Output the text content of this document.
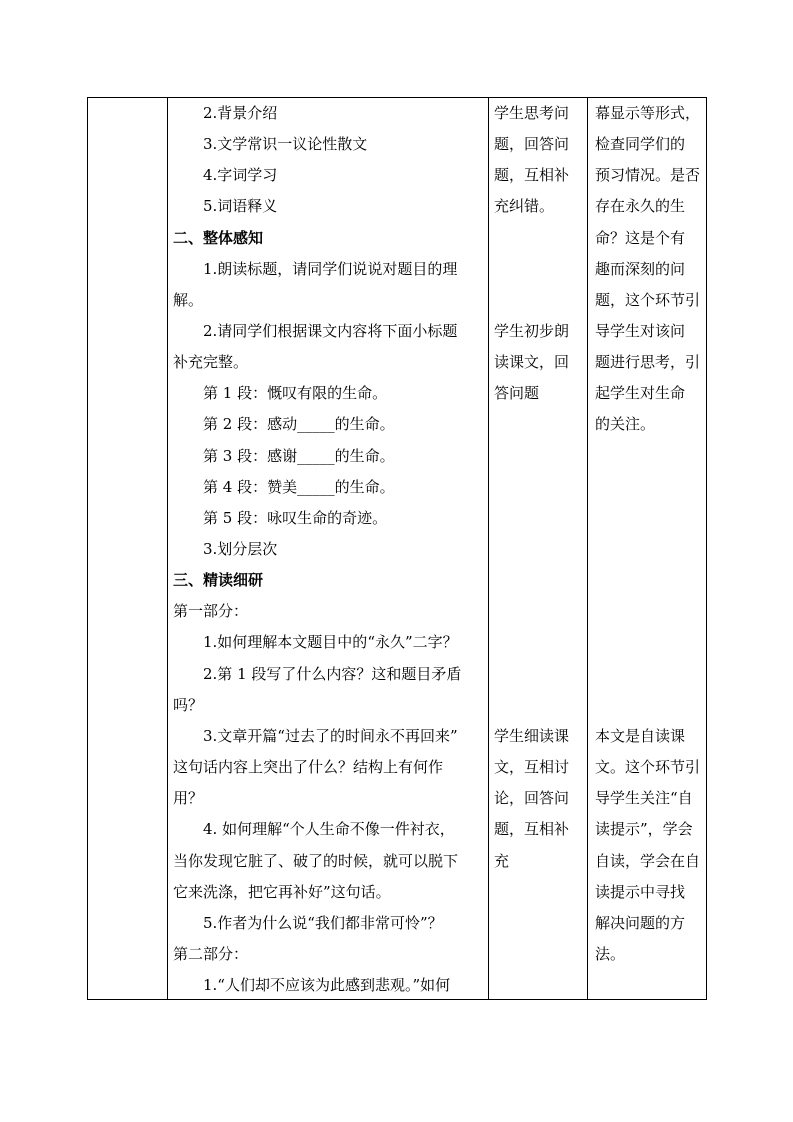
2.背景介绍
3.文学常识一议论性散文
4.字词学习
5.词语释义
二、整体感知
1.朗读标题，请同学们说说对题目的理
解。
2.请同学们根据课文内容将下面小标题
补充完整。
第 1 段：慨叹有限的生命。
第 2 段：感动_____的生命。
第 3 段：感谢_____的生命。
第 4 段：赞美_____的生命。
第 5 段：咏叹生命的奇迹。
3.划分层次
三、精读细研
第一部分：
1.如何理解本文题目中的“永久”二字？
2.第 1 段写了什么内容？这和题目矛盾
吗？
3.文章开篇“过去了的时间永不再回来”
这句话内容上突出了什么？结构上有何作
用？
4. 如何理解“个人生命不像一件衬衣，
当你发现它脏了、破了的时候，就可以脱下
它来洗涤，把它再补好”这句话。
5.作者为什么说“我们都非常可怜”？
第二部分：
1.“人们却不应该为此感到悲观。”如何
学生思考问
题，回答问
题，互相补
充纠错。
学生初步朗
读课文，回
答问题
学生细读课
文，互相讨
论，回答问
题，互相补
充
幕显示等形式，
检查同学们的
预习情况。是否
存在永久的生
命？这是个有
趣而深刻的问
题，这个环节引
导学生对该问
题进行思考，引
起学生对生命
的关注。
本文是自读课
文。这个环节引
导学生关注“自
读提示”，学会
自读，学会在自
读提示中寻找
解决问题的方
法。
